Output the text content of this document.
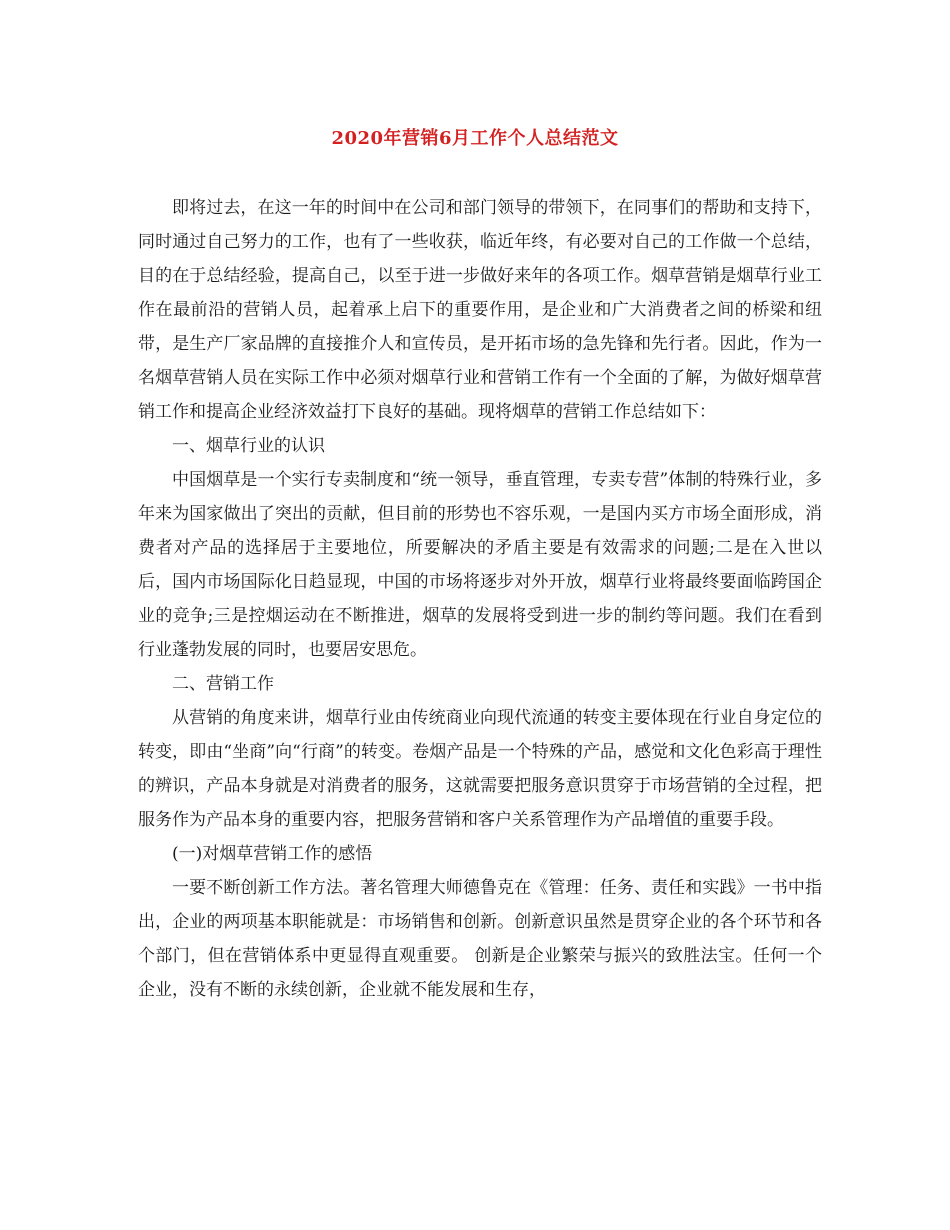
2020年营销6月工作个人总结范文

即将过去，在这一年的时间中在公司和部门领导的带领下，在同事们的帮助和支持下，同时通过自己努力的工作，也有了一些收获，临近年终，有必要对自己的工作做一个总结，目的在于总结经验，提高自己，以至于进一步做好来年的各项工作。烟草营销是烟草行业工作在最前沿的营销人员，起着承上启下的重要作用，是企业和广大消费者之间的桥梁和纽带，是生产厂家品牌的直接推介人和宣传员，是开拓市场的急先锋和先行者。因此，作为一名烟草营销人员在实际工作中必须对烟草行业和营销工作有一个全面的了解，为做好烟草营销工作和提高企业经济效益打下良好的基础。现将烟草的营销工作总结如下：

一、烟草行业的认识

中国烟草是一个实行专卖制度和“统一领导，垂直管理，专卖专营”体制的特殊行业，多年来为国家做出了突出的贡献，但目前的形势也不容乐观，一是国内买方市场全面形成，消费者对产品的选择居于主要地位，所要解决的矛盾主要是有效需求的问题;二是在入世以后，国内市场国际化日趋显现，中国的市场将逐步对外开放，烟草行业将最终要面临跨国企业的竞争;三是控烟运动在不断推进，烟草的发展将受到进一步的制约等问题。我们在看到行业蓬勃发展的同时，也要居安思危。

二、营销工作

从营销的角度来讲，烟草行业由传统商业向现代流通的转变主要体现在行业自身定位的转变，即由“坐商”向“行商”的转变。卷烟产品是一个特殊的产品，感觉和文化色彩高于理性的辨识，产品本身就是对消费者的服务，这就需要把服务意识贯穿于市场营销的全过程，把服务作为产品本身的重要内容，把服务营销和客户关系管理作为产品增值的重要手段。

(一)对烟草营销工作的感悟

一要不断创新工作方法。著名管理大师德鲁克在《管理：任务、责任和实践》一书中指出，企业的两项基本职能就是：市场销售和创新。创新意识虽然是贯穿企业的各个环节和各个部门，但在营销体系中更显得直观重要。 创新是企业繁荣与振兴的致胜法宝。任何一个企业，没有不断的永续创新，企业就不能发展和生存，
